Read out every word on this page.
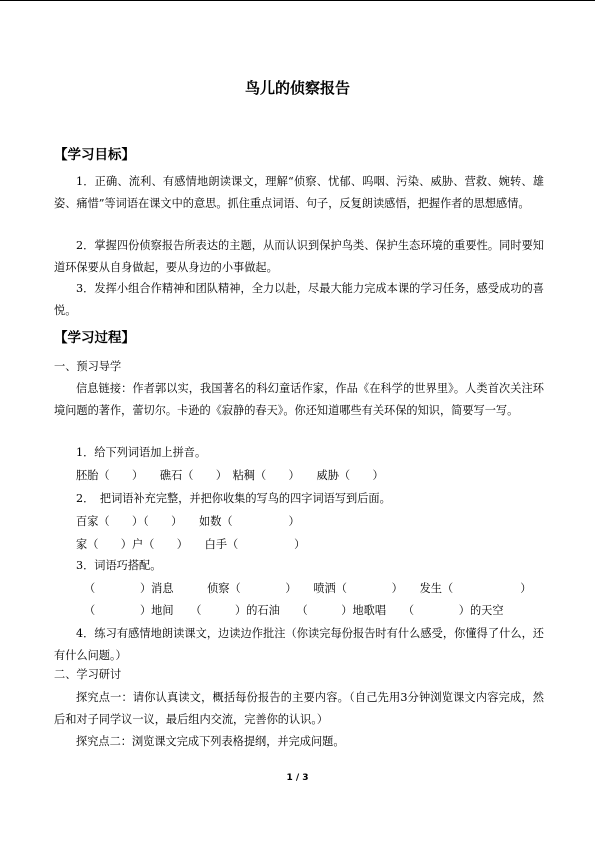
鸟儿的侦察报告
【学习目标】
1．正确、流利、有感情地朗读课文，理解“侦察、忧郁、呜咽、污染、威胁、营救、婉转、雄姿、痛惜”等词语在课文中的意思。抓住重点词语、句子，反复朗读感悟，把握作者的思想感情。
2．掌握四份侦察报告所表达的主题，从而认识到保护鸟类、保护生态环境的重要性。同时要知道环保要从自身做起，要从身边的小事做起。
3．发挥小组合作精神和团队精神，全力以赴，尽最大能力完成本课的学习任务，感受成功的喜悦。
【学习过程】
一、预习导学
信息链接：作者郭以实，我国著名的科幻童话作家，作品《在科学的世界里》。人类首次关注环境问题的著作，蕾切尔。卡逊的《寂静的春天》。你还知道哪些有关环保的知识，简要写一写。
1．给下列词语加上拼音。
胚胎（　　）　　礁石（　　）　粘稠（　　）　　威胁（　　）
2．　把词语补充完整，并把你收集的写鸟的四字词语写到后面。
百家（　　）（　　）　　如数（　　　　　）
家（　　）户（　　）　　白手（　　　　　）
3．词语巧搭配。
（　　　　）消息　　　侦察（　　　　）　　喷洒（　　　　）　　发生（　　　　　　）
（　　　　）地间　　（　　　）的石油　　（　　　）地歌唱　　（　　　　）的天空
4．练习有感情地朗读课文，边读边作批注（你读完每份报告时有什么感受，你懂得了什么，还有什么问题。）
二、学习研讨
探究点一：请你认真读文，概括每份报告的主要内容。（自己先用3分钟浏览课文内容完成，然后和对子同学议一议，最后组内交流，完善你的认识。）
探究点二：浏览课文完成下列表格提纲，并完成问题。
1 / 3
